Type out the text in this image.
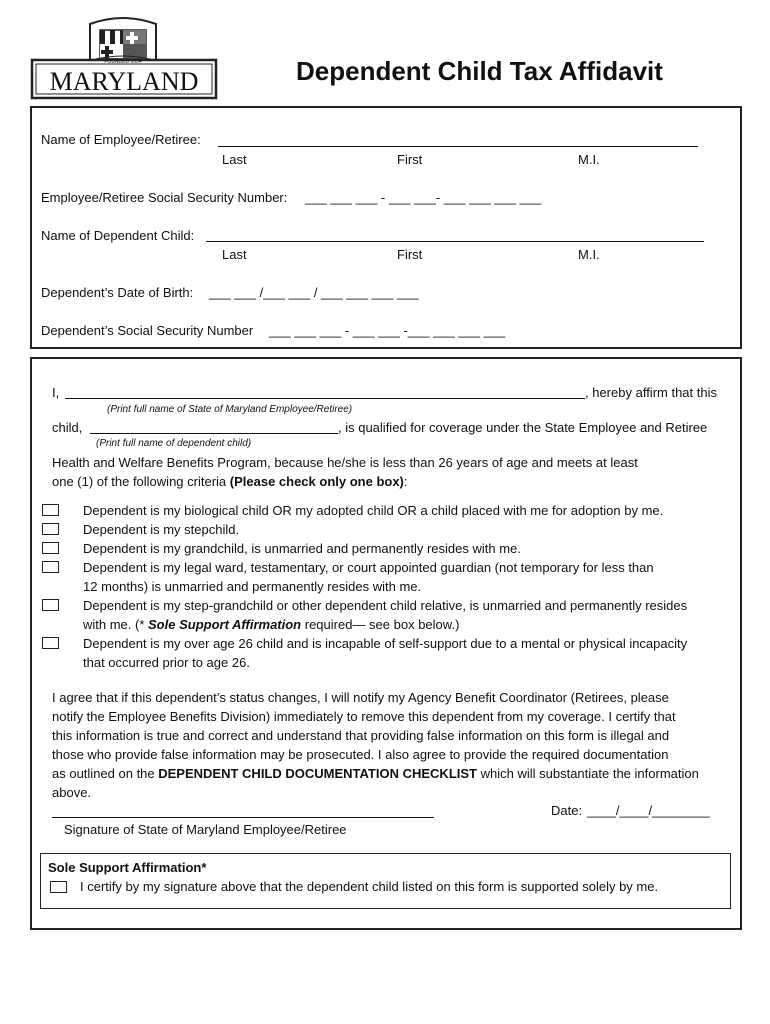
FOUNDED 1634
MARYLAND	Dependent Child Tax Affidavit
Name of Employee/Retiree:
Last	First	M.I.
Employee/Retiree Social Security Number: ___ ___ ___ - ___ ___- ___ ___ ___ ___
Name of Dependent Child:
Last	First	M.I.
Dependent’s Date of Birth: ___ ___ /___ ___ / ___ ___ ___ ___
Dependent’s Social Security Number ___ ___ ___ - ___ ___ -___ ___ ___ ___
I,	, hereby affirm that this
(Print full name of State of Maryland Employee/Retiree)
child,	, is qualified for coverage under the State Employee and Retiree
(Print full name of dependent child)
Health and Welfare Benefits Program, because he/she is less than 26 years of age and meets at least
one (1) of the following criteria (Please check only one box):
Dependent is my biological child OR my adopted child OR a child placed with me for adoption by me.
Dependent is my stepchild.
Dependent is my grandchild, is unmarried and permanently resides with me.
Dependent is my legal ward, testamentary, or court appointed guardian (not temporary for less than
12 months) is unmarried and permanently resides with me.
Dependent is my step-grandchild or other dependent child relative, is unmarried and permanently resides
with me. (* Sole Support Affirmation required— see box below.)
Dependent is my over age 26 child and is incapable of self-support due to a mental or physical incapacity
that occurred prior to age 26.
I agree that if this dependent’s status changes, I will notify my Agency Benefit Coordinator (Retirees, please
notify the Employee Benefits Division) immediately to remove this dependent from my coverage. I certify that
this information is true and correct and understand that providing false information on this form is illegal and
those who provide false information may be prosecuted. I also agree to provide the required documentation
as outlined on the DEPENDENT CHILD DOCUMENTATION CHECKLIST which will substantiate the information
above.
Date: ____/____/________
Signature of State of Maryland Employee/Retiree
Sole Support Affirmation*
I certify by my signature above that the dependent child listed on this form is supported solely by me.
